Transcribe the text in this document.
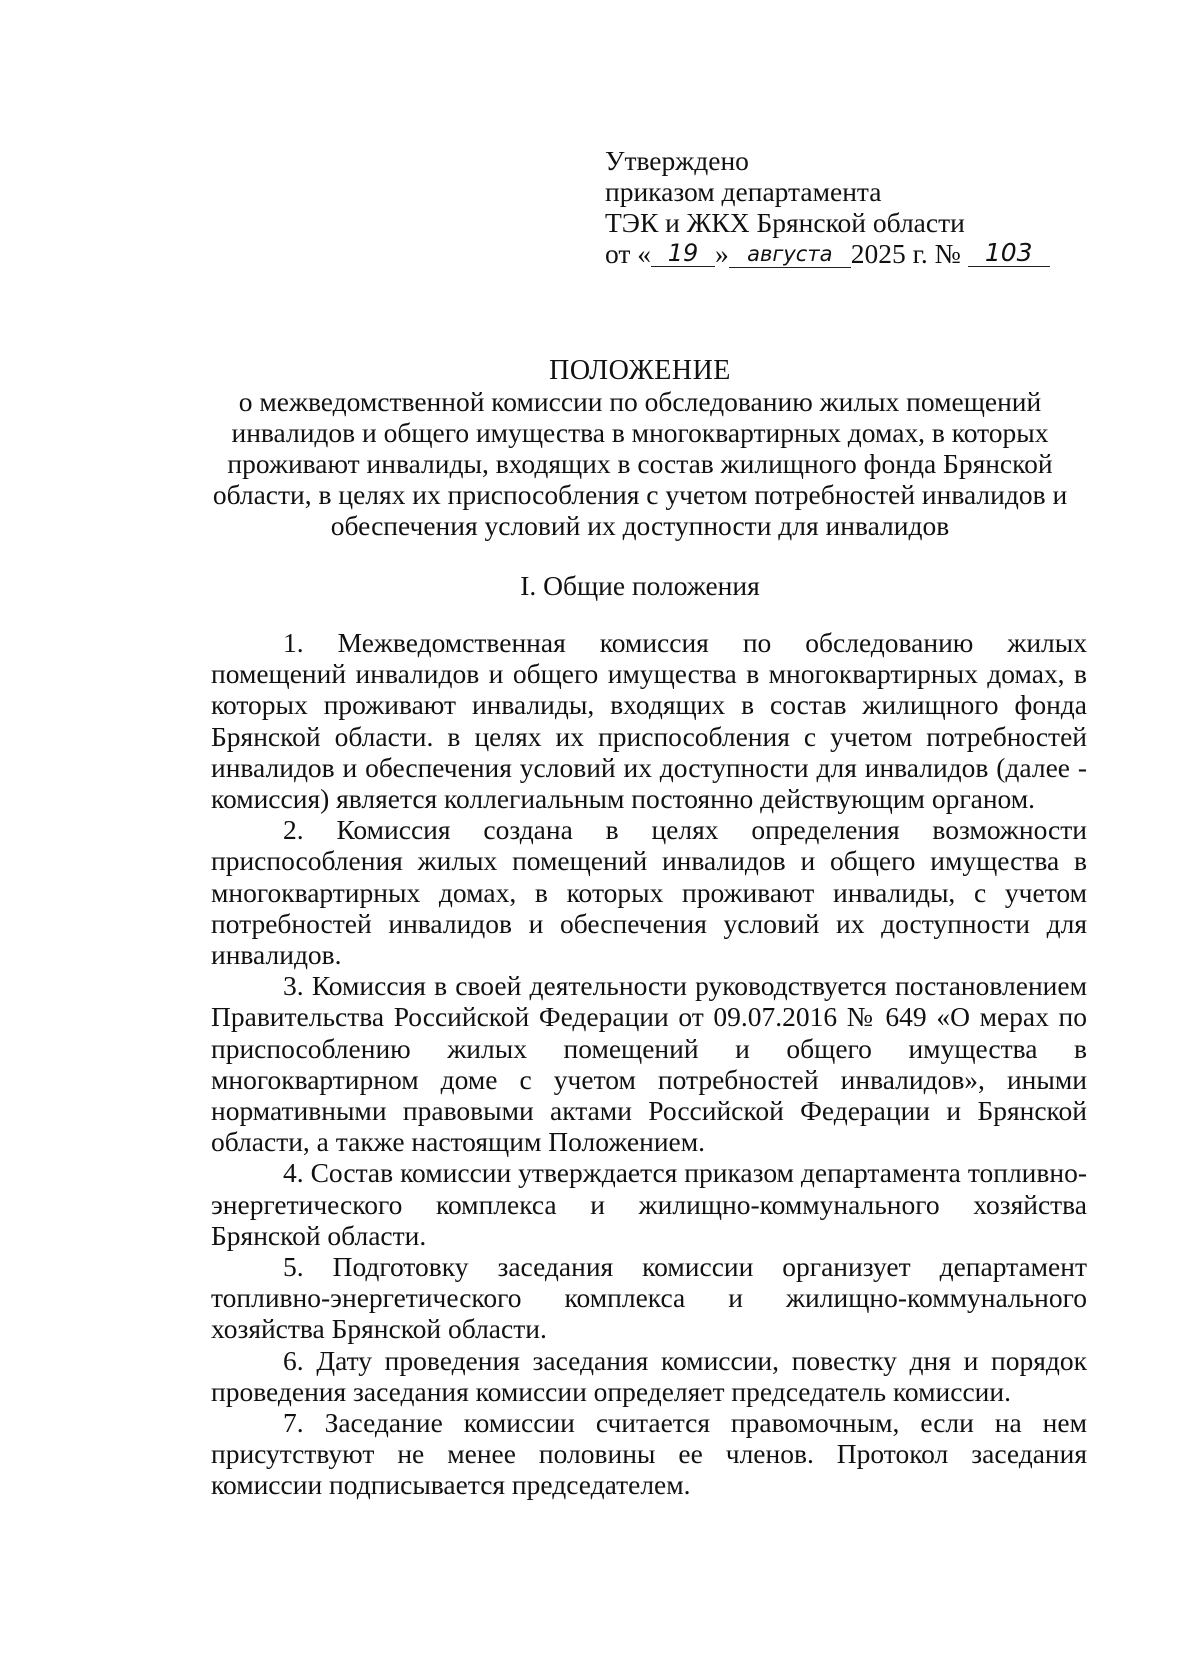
Утверждено
приказом департамента
ТЭК и ЖКХ Брянской области
от « 19 » августа 2025 г. № 103
ПОЛОЖЕНИЕ
о межведомственной комиссии по обследованию жилых помещений
инвалидов и общего имущества в многоквартирных домах, в которых
проживают инвалиды, входящих в состав жилищного фонда Брянской
области, в целях их приспособления с учетом потребностей инвалидов и
обеспечения условий их доступности для инвалидов
I. Общие положения

1. Межведомственная комиссия по обследованию жилых помещений инвалидов и общего имущества в многоквартирных домах, в которых проживают инвалиды, входящих в состав жилищного фонда Брянской области. в целях их приспособления с учетом потребностей инвалидов и обеспечения условий их доступности для инвалидов (далее - комиссия) является коллегиальным постоянно действующим органом.

2. Комиссия создана в целях определения возможности приспособления жилых помещений инвалидов и общего имущества в многоквартирных домах, в которых проживают инвалиды, с учетом потребностей инвалидов и обеспечения условий их доступности для инвалидов.

3. Комиссия в своей деятельности руководствуется постановлением Правительства Российской Федерации от 09.07.2016 № 649 «О мерах по приспособлению жилых помещений и общего имущества в многоквартирном доме с учетом потребностей инвалидов», иными нормативными правовыми актами Российской Федерации и Брянской области, а также настоящим Положением.

4. Состав комиссии утверждается приказом департамента топливно-энергетического комплекса и жилищно-коммунального хозяйства Брянской области.

5. Подготовку заседания комиссии организует департамент топливно-энергетического комплекса и жилищно-коммунального хозяйства Брянской области.

6. Дату проведения заседания комиссии, повестку дня и порядок проведения заседания комиссии определяет председатель комиссии.

7. Заседание комиссии считается правомочным, если на нем присутствуют не менее половины ее членов. Протокол заседания комиссии подписывается председателем.
